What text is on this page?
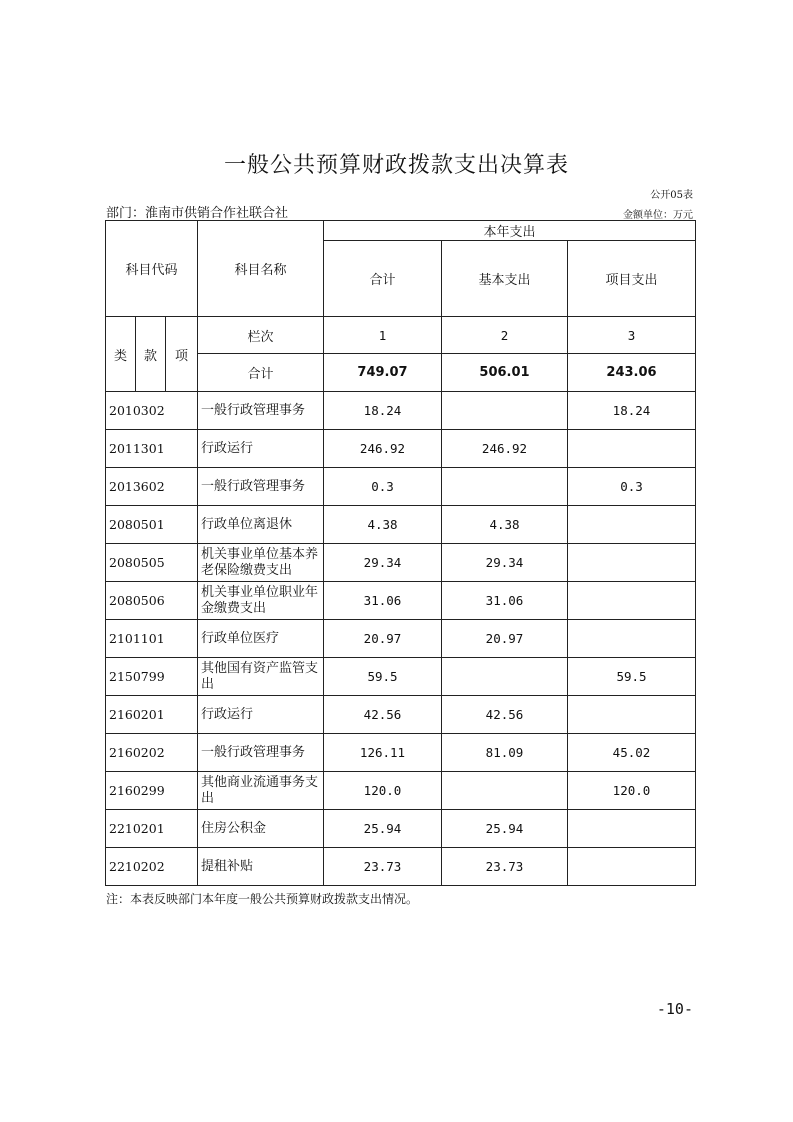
一般公共预算财政拨款支出决算表
公开05表
部门：淮南市供销合作社联合社	金额单位：万元
科目代码			科目名称	本年支出		
				合计	基本支出	项目支出

类	款	项	栏次	1	2	3
			合计	749.07	506.01	243.06
2010302			一般行政管理事务	18.24		18.24
2011301			行政运行	246.92	246.92	
2013602			一般行政管理事务	0.3		0.3
2080501			行政单位离退休	4.38	4.38	
2080505			机关事业单位基本养老保险缴费支出	29.34	29.34	
2080506			机关事业单位职业年金缴费支出	31.06	31.06	
2101101			行政单位医疗	20.97	20.97	
2150799			其他国有资产监管支出	59.5		59.5
2160201			行政运行	42.56	42.56	
2160202			一般行政管理事务	126.11	81.09	45.02
2160299			其他商业流通事务支出	120.0		120.0
2210201			住房公积金	25.94	25.94	
2210202			提租补贴	23.73	23.73	
注：本表反映部门本年度一般公共预算财政拨款支出情况。
-10-
